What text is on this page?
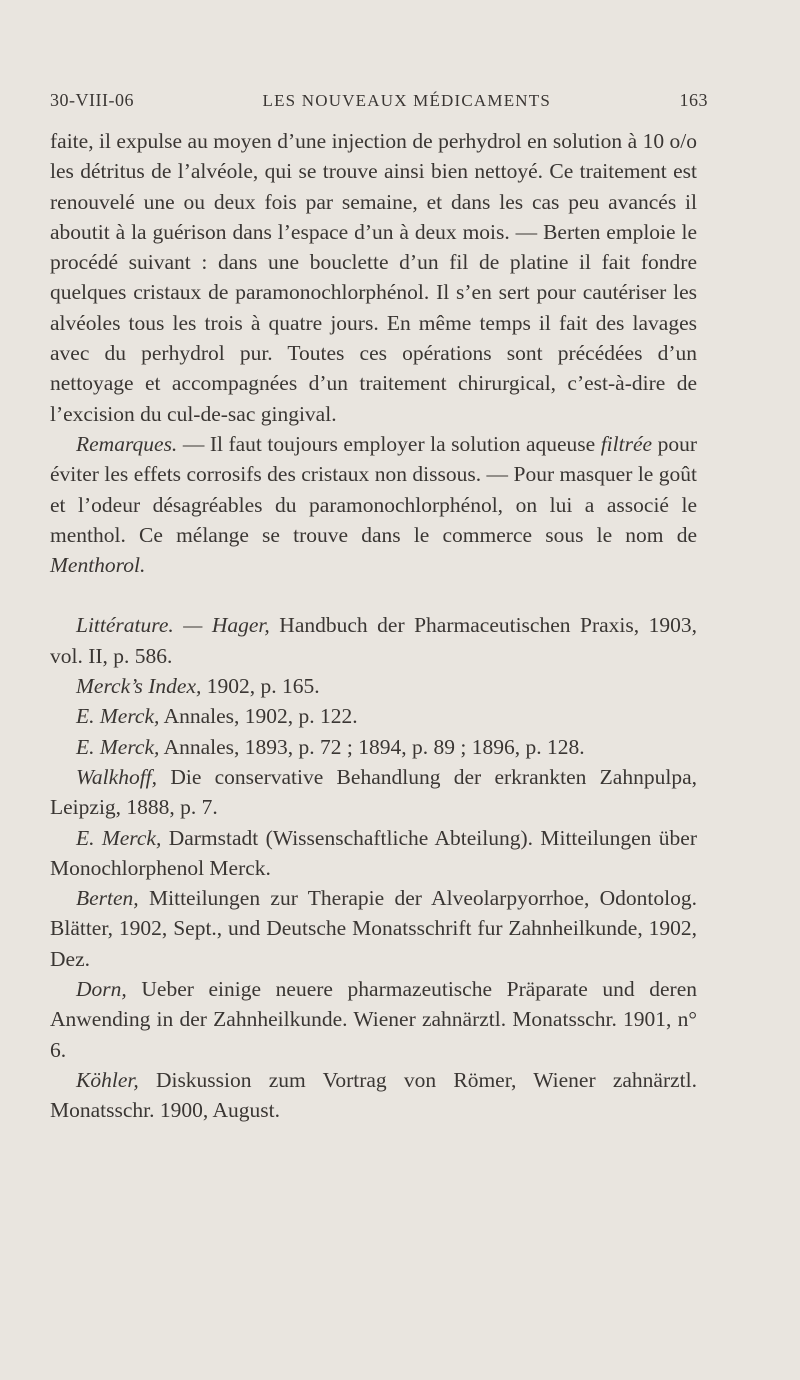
30-VIII-06	LES NOUVEAUX MÉDICAMENTS	163

faite, il expulse au moyen d’une injection de perhydrol en solution à 10 o/o les détritus de l’alvéole, qui se trouve ainsi bien nettoyé. Ce traitement est renouvelé une ou deux fois par semaine, et dans les cas peu avancés il aboutit à la guérison dans l’espace d’un à deux mois. — Berten emploie le procédé suivant : dans une bouclette d’un fil de platine il fait fondre quelques cristaux de paramonochlorphénol. Il s’en sert pour cautériser les alvéoles tous les trois à quatre jours. En même temps il fait des lavages avec du perhydrol pur. Toutes ces opérations sont précédées d’un nettoyage et accompagnées d’un traitement chirurgical, c’est-à-dire de l’excision du cul-de-sac gingival.

Remarques. — Il faut toujours employer la solution aqueuse filtrée pour éviter les effets corrosifs des cristaux non dissous. — Pour masquer le goût et l’odeur désagréables du paramonochlorphénol, on lui a associé le menthol. Ce mélange se trouve dans le commerce sous le nom de Menthorol.

Littérature. — Hager, Handbuch der Pharmaceutischen Praxis, 1903, vol. II, p. 586.

Merck’s Index, 1902, p. 165.

E. Merck, Annales, 1902, p. 122.

E. Merck, Annales, 1893, p. 72 ; 1894, p. 89 ; 1896, p. 128.

Walkhoff, Die conservative Behandlung der erkrankten Zahnpulpa, Leipzig, 1888, p. 7.

E. Merck, Darmstadt (Wissenschaftliche Abteilung). Mitteilungen über Monochlorphenol Merck.

Berten, Mitteilungen zur Therapie der Alveolarpyorrhoe, Odontolog. Blätter, 1902, Sept., und Deutsche Monatsschrift fur Zahnheilkunde, 1902, Dez.

Dorn, Ueber einige neuere pharmazeutische Präparate und deren Anwending in der Zahnheilkunde. Wiener zahnärztl. Monatsschr. 1901, n° 6.

Köhler, Diskussion zum Vortrag von Römer, Wiener zahnärztl. Monatsschr. 1900, August.
